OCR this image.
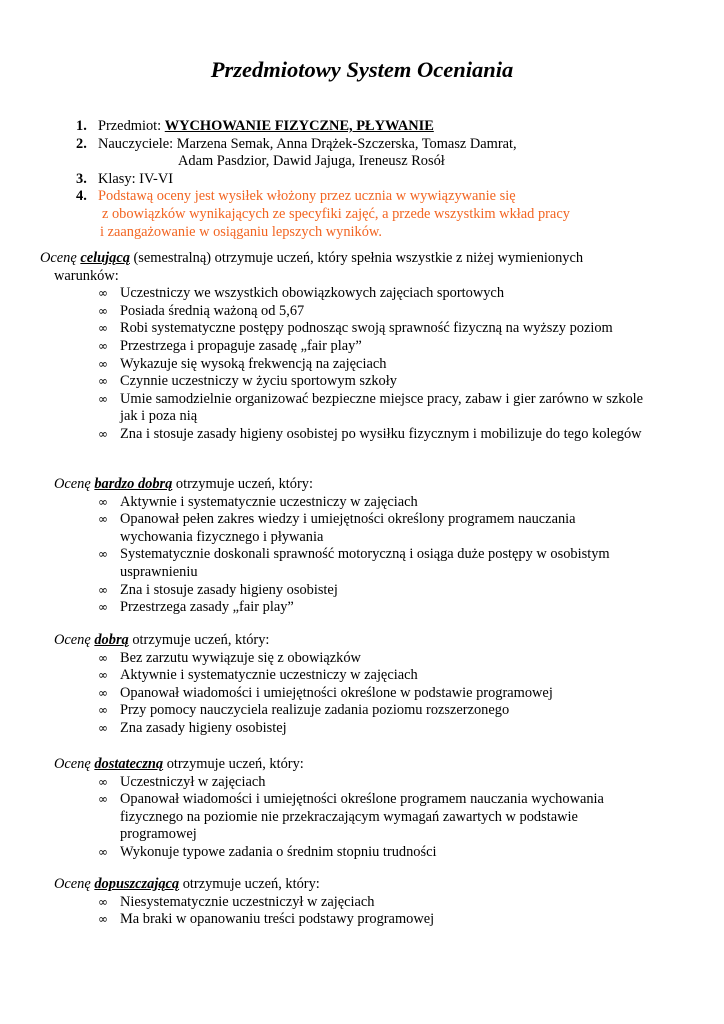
Przedmiotowy System Oceniania
1. Przedmiot: WYCHOWANIE FIZYCZNE, PŁYWANIE
2. Nauczyciele: Marzena Semak, Anna Drążek-Szczerska, Tomasz Damrat,
Adam Pasdzior, Dawid Jajuga, Ireneusz Rosół
3. Klasy: IV-VI
4. Podstawą oceny jest wysiłek włożony przez ucznia w wywiązywanie się
z obowiązków wynikających ze specyfiki zajęć, a przede wszystkim wkład pracy
i zaangażowanie w osiąganiu lepszych wyników.

Ocenę celującą (semestralną) otrzymuje uczeń, który spełnia wszystkie z niżej wymienionych
warunków:

∞ Uczestniczy we wszystkich obowiązkowych zajęciach sportowych
∞ Posiada średnią ważoną od 5,67
∞ Robi systematyczne postępy podnosząc swoją sprawność fizyczną na wyższy poziom
∞ Przestrzega i propaguje zasadę „fair play”
∞ Wykazuje się wysoką frekwencją na zajęciach
∞ Czynnie uczestniczy w życiu sportowym szkoły
∞ Umie samodzielnie organizować bezpieczne miejsce pracy, zabaw i gier zarówno w szkole jak i poza nią
∞ Zna i stosuje zasady higieny osobistej po wysiłku fizycznym i mobilizuje do tego kolegów

Ocenę bardzo dobrą otrzymuje uczeń, który:

∞ Aktywnie i systematycznie uczestniczy w zajęciach
∞ Opanował pełen zakres wiedzy i umiejętności określony programem nauczania wychowania fizycznego i pływania
∞ Systematycznie doskonali sprawność motoryczną i osiąga duże postępy w osobistym usprawnieniu
∞ Zna i stosuje zasady higieny osobistej
∞ Przestrzega zasady „fair play”

Ocenę dobrą otrzymuje uczeń, który:

∞ Bez zarzutu wywiązuje się z obowiązków
∞ Aktywnie i systematycznie uczestniczy w zajęciach
∞ Opanował wiadomości i umiejętności określone w podstawie programowej
∞ Przy pomocy nauczyciela realizuje zadania poziomu rozszerzonego
∞ Zna zasady higieny osobistej

Ocenę dostateczną otrzymuje uczeń, który:

∞ Uczestniczył w zajęciach
∞ Opanował wiadomości i umiejętności określone programem nauczania wychowania fizycznego na poziomie nie przekraczającym wymagań zawartych w podstawie programowej
∞ Wykonuje typowe zadania o średnim stopniu trudności

Ocenę dopuszczającą otrzymuje uczeń, który:

∞ Niesystematycznie uczestniczył w zajęciach
∞ Ma braki w opanowaniu treści podstawy programowej
